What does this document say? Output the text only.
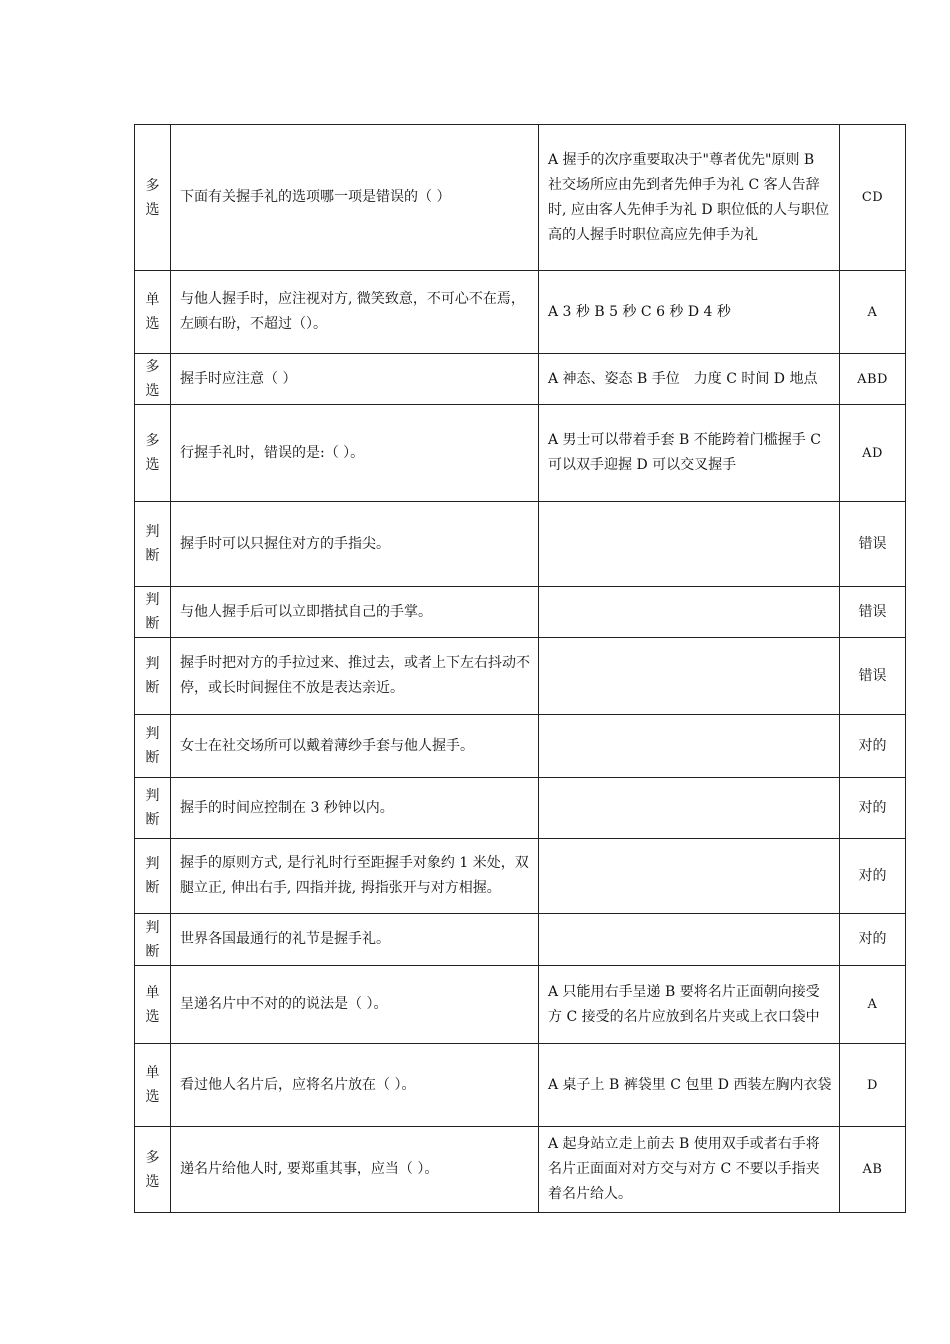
多
选	下面有关握手礼的选项哪一项是错误的（ ）	A 握手的次序重要取决于"尊者优先"原则 B 社交场所应由先到者先伸手为礼 C 客人告辞时, 应由客人先伸手为礼 D 职位低的人与职位高的人握手时职位高应先伸手为礼	CD
单
选	与他人握手时，应注视对方, 微笑致意，不可心不在焉，左顾右盼，不超过（）。	A 3 秒 B 5 秒 C 6 秒 D 4 秒	A
多
选	握手时应注意（ ）	A 神态、姿态 B 手位　力度 C 时间 D 地点	ABD
多
选	行握手礼时，错误的是:（ ）。	A 男士可以带着手套 B 不能跨着门槛握手 C 可以双手迎握 D 可以交叉握手	AD
判
断	握手时可以只握住对方的手指尖。		错误
判
断	与他人握手后可以立即揩拭自己的手掌。		错误
判
断	握手时把对方的手拉过来、推过去，或者上下左右抖动不停，或长时间握住不放是表达亲近。		错误
判
断	女士在社交场所可以戴着薄纱手套与他人握手。		对的
判
断	握手的时间应控制在 3 秒钟以内。		对的
判
断	握手的原则方式, 是行礼时行至距握手对象约 1 米处，双腿立正, 伸出右手, 四指并拢, 拇指张开与对方相握。		对的
判
断	世界各国最通行的礼节是握手礼。		对的
单
选	呈递名片中不对的的说法是（ ）。	A 只能用右手呈递 B 要将名片正面朝向接受方 C 接受的名片应放到名片夹或上衣口袋中	A
单
选	看过他人名片后，应将名片放在（ ）。	A 桌子上 B 裤袋里 C 包里 D 西装左胸内衣袋	D
多
选	递名片给他人时, 要郑重其事，应当（ ）。	A 起身站立走上前去 B 使用双手或者右手将名片正面面对对方交与对方 C 不要以手指夹着名片给人。	AB
